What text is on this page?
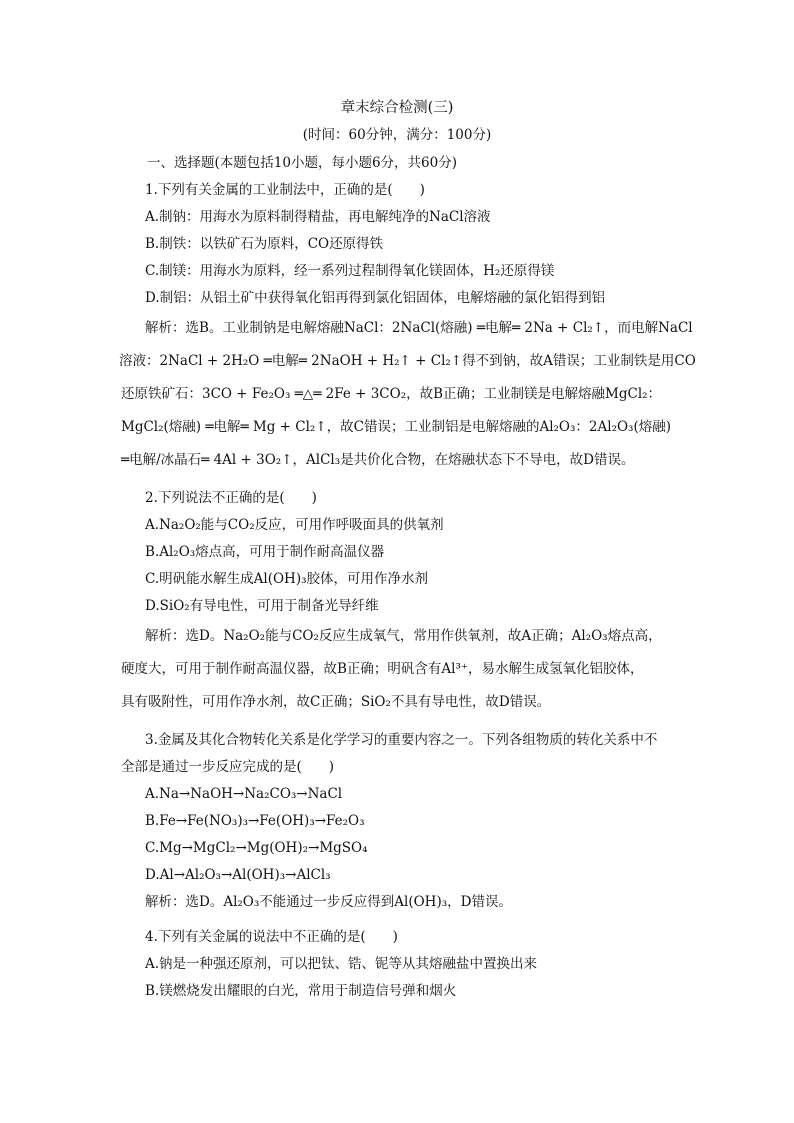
章末综合检测(三)
(时间：60分钟，满分：100分)
一、选择题(本题包括10小题，每小题6分，共60分)
1.下列有关金属的工业制法中，正确的是(　　)
A.制钠：用海水为原料制得精盐，再电解纯净的NaCl溶液
B.制铁：以铁矿石为原料，CO还原得铁
C.制镁：用海水为原料，经一系列过程制得氧化镁固体，H₂还原得镁
D.制铝：从铝土矿中获得氧化铝再得到氯化铝固体，电解熔融的氯化铝得到铝
解析：选B。工业制钠是电解熔融NaCl：2NaCl(熔融) ═电解═ 2Na + Cl₂↑，而电解NaCl
溶液：2NaCl + 2H₂O ═电解═ 2NaOH + H₂↑ + Cl₂↑得不到钠，故A错误；工业制铁是用CO
还原铁矿石：3CO + Fe₂O₃ ═△═ 2Fe + 3CO₂，故B正确；工业制镁是电解熔融MgCl₂：
MgCl₂(熔融) ═电解═ Mg + Cl₂↑，故C错误；工业制铝是电解熔融的Al₂O₃：2Al₂O₃(熔融)
═电解/冰晶石═ 4Al + 3O₂↑，AlCl₃是共价化合物，在熔融状态下不导电，故D错误。
2.下列说法不正确的是(　　)
A.Na₂O₂能与CO₂反应，可用作呼吸面具的供氧剂
B.Al₂O₃熔点高，可用于制作耐高温仪器
C.明矾能水解生成Al(OH)₃胶体，可用作净水剂
D.SiO₂有导电性，可用于制备光导纤维
解析：选D。Na₂O₂能与CO₂反应生成氧气，常用作供氧剂，故A正确；Al₂O₃熔点高，
硬度大，可用于制作耐高温仪器，故B正确；明矾含有Al³⁺，易水解生成氢氧化铝胶体，
具有吸附性，可用作净水剂，故C正确；SiO₂不具有导电性，故D错误。
3.金属及其化合物转化关系是化学学习的重要内容之一。下列各组物质的转化关系中不
全部是通过一步反应完成的是(　　)
A.Na→NaOH→Na₂CO₃→NaCl
B.Fe→Fe(NO₃)₃→Fe(OH)₃→Fe₂O₃
C.Mg→MgCl₂→Mg(OH)₂→MgSO₄
D.Al→Al₂O₃→Al(OH)₃→AlCl₃
解析：选D。Al₂O₃不能通过一步反应得到Al(OH)₃，D错误。
4.下列有关金属的说法中不正确的是(　　)
A.钠是一种强还原剂，可以把钛、锆、铌等从其熔融盐中置换出来
B.镁燃烧发出耀眼的白光，常用于制造信号弹和烟火
